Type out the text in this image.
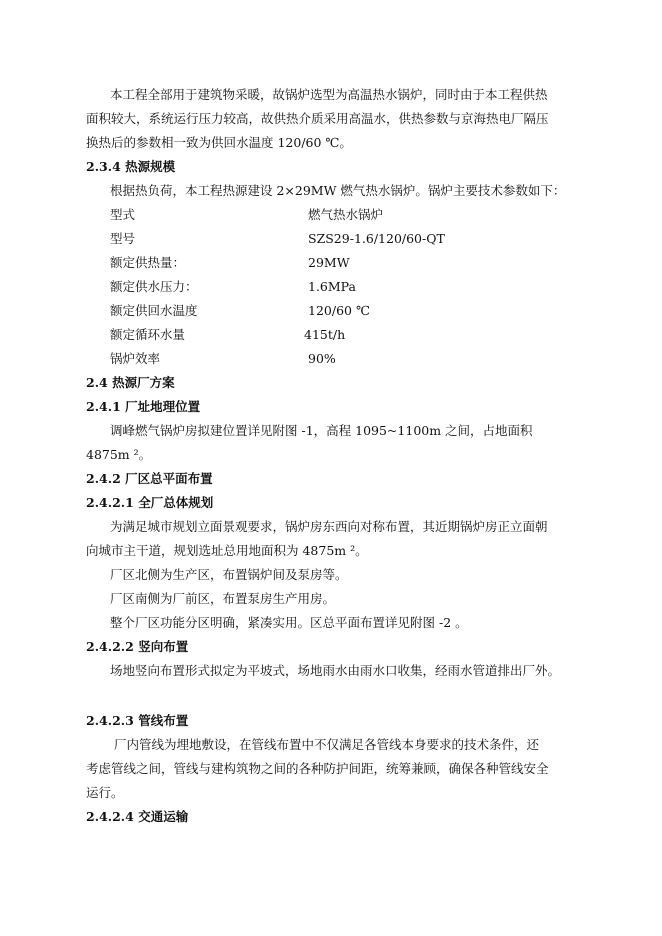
本工程全部用于建筑物采暖，故锅炉选型为高温热水锅炉，同时由于本工程供热
面积较大，系统运行压力较高，故供热介质采用高温水，供热参数与京海热电厂隔压
换热后的参数相一致为供回水温度 120/60 ℃。
2.3.4 热源规模
根据热负荷，本工程热源建设 2×29MW 燃气热水锅炉。锅炉主要技术参数如下：
型式	燃气热水锅炉
型号	SZS29-1.6/120/60-QT
额定供热量：	29MW
额定供水压力：	1.6MPa
额定供回水温度	120/60 ℃
额定循环水量	415t/h
锅炉效率	90%
2.4 热源厂方案
2.4.1 厂址地理位置
调峰燃气锅炉房拟建位置详见附图 -1，高程 1095~1100m 之间，占地面积
4875m ²。
2.4.2 厂区总平面布置
2.4.2.1 全厂总体规划
为满足城市规划立面景观要求，锅炉房东西向对称布置，其近期锅炉房正立面朝
向城市主干道，规划选址总用地面积为 4875m ²。
厂区北侧为生产区，布置锅炉间及泵房等。
厂区南侧为厂前区，布置泵房生产用房。
整个厂区功能分区明确，紧凑实用。区总平面布置详见附图 -2 。
2.4.2.2 竖向布置
场地竖向布置形式拟定为平坡式，场地雨水由雨水口收集，经雨水管道排出厂外。
2.4.2.3 管线布置
厂内管线为埋地敷设，在管线布置中不仅满足各管线本身要求的技术条件，还
考虑管线之间，管线与建构筑物之间的各种防护间距，统筹兼顾，确保各种管线安全
运行。
2.4.2.4 交通运输
